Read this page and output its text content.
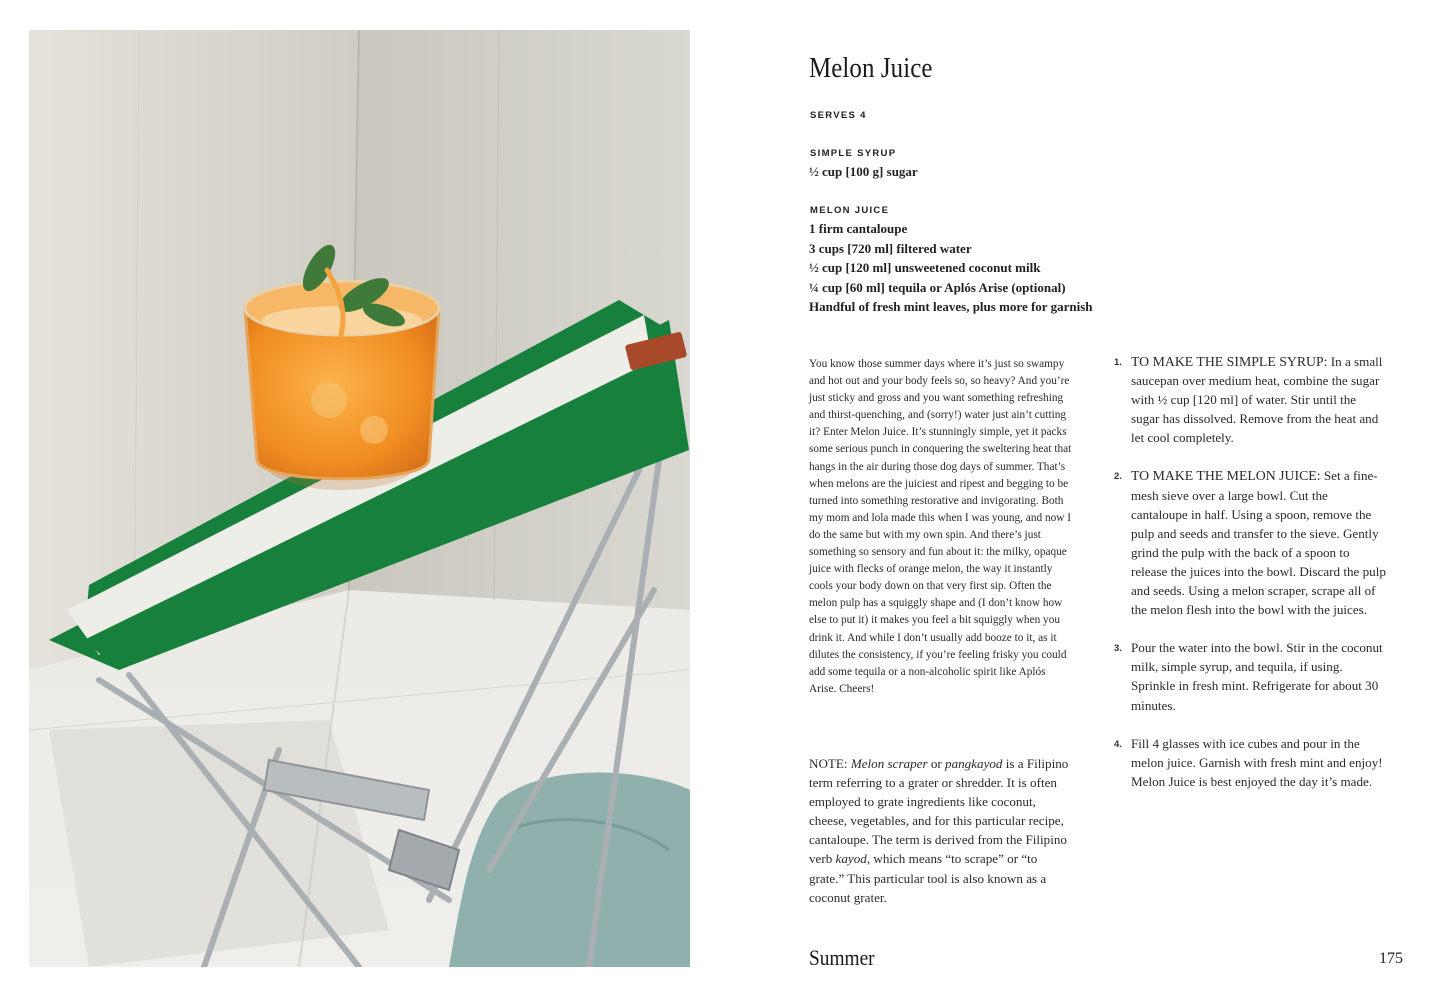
Melon Juice
SERVES 4
SIMPLE SYRUP
½ cup [100 g] sugar
MELON JUICE
1 firm cantaloupe
3 cups [720 ml] filtered water
½ cup [120 ml] unsweetened coconut milk
¼ cup [60 ml] tequila or Aplós Arise (optional)
Handful of fresh mint leaves, plus more for garnish

You know those summer days where it’s just so swampy and hot out and your body feels so, so heavy? And you’re just sticky and gross and you want something refreshing and thirst-quenching, and (sorry!) water just ain’t cutting it? Enter Melon Juice. It’s stunningly simple, yet it packs some serious punch in conquering the sweltering heat that hangs in the air during those dog days of summer. That’s when melons are the juiciest and ripest and begging to be turned into something restorative and invigorating. Both my mom and lola made this when I was young, and now I do the same but with my own spin. And there’s just something so sensory and fun about it: the milky, opaque juice with flecks of orange melon, the way it instantly cools your body down on that very first sip. Often the melon pulp has a squiggly shape and (I don’t know how else to put it) it makes you feel a bit squiggly when you drink it. And while I don’t usually add booze to it, as it dilutes the consistency, if you’re feeling frisky you could add some tequila or a non-alcoholic spirit like Aplós Arise. Cheers!

NOTE: Melon scraper or pangkayod is a Filipino term referring to a grater or shredder. It is often employed to grate ingredients like coconut, cheese, vegetables, and for this particular recipe, cantaloupe. The term is derived from the Filipino verb kayod, which means “to scrape” or “to grate.” This particular tool is also known as a coconut grater.

1. TO MAKE THE SIMPLE SYRUP: In a small saucepan over medium heat, combine the sugar with ½ cup [120 ml] of water. Stir until the sugar has dissolved. Remove from the heat and let cool completely.
2. TO MAKE THE MELON JUICE: Set a fine-mesh sieve over a large bowl. Cut the cantaloupe in half. Using a spoon, remove the pulp and seeds and transfer to the sieve. Gently grind the pulp with the back of a spoon to release the juices into the bowl. Discard the pulp and seeds. Using a melon scraper, scrape all of the melon flesh into the bowl with the juices.
3. Pour the water into the bowl. Stir in the coconut milk, simple syrup, and tequila, if using. Sprinkle in fresh mint. Refrigerate for about 30 minutes.
4. Fill 4 glasses with ice cubes and pour in the melon juice. Garnish with fresh mint and enjoy! Melon Juice is best enjoyed the day it’s made.
Summer	175
